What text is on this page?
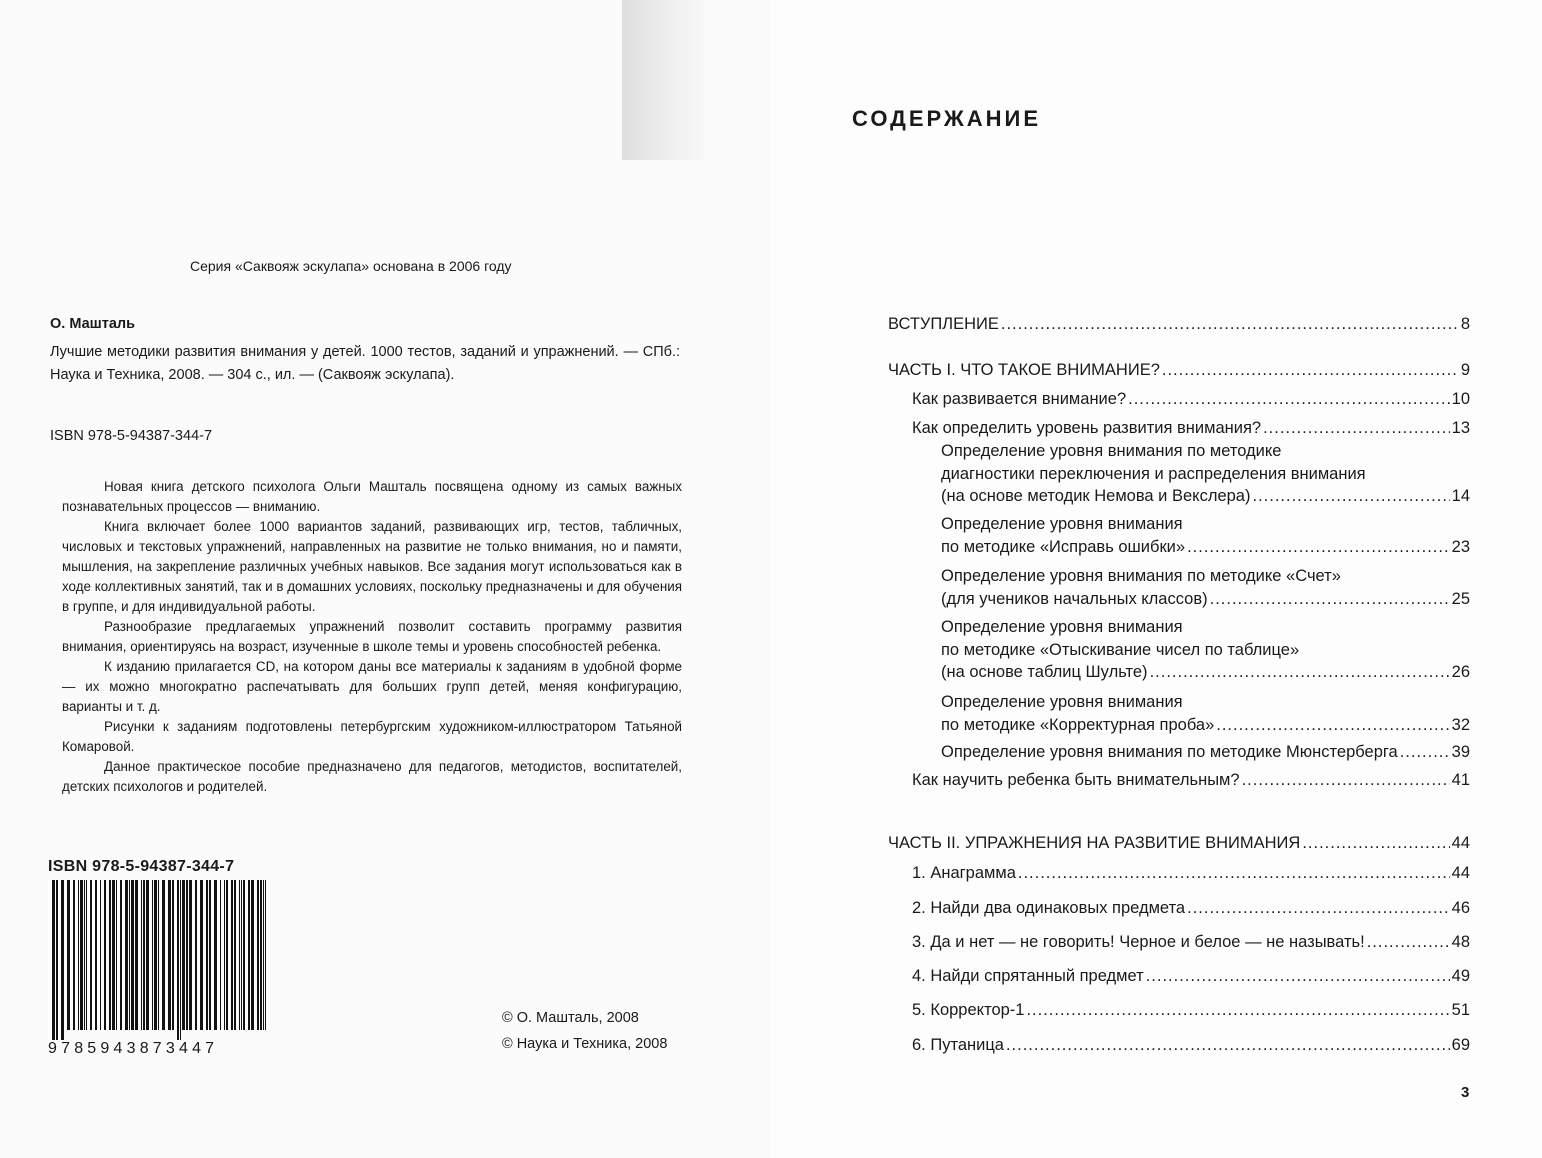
Серия «Саквояж эскулапа» основана в 2006 году
О. Машталь
Лучшие методики развития внимания у детей. 1000 тестов, заданий и упражнений. — СПб.: Наука и Техника, 2008. — 304 с., ил. — (Саквояж эскулапа).
ISBN 978-5-94387-344-7

Новая книга детского психолога Ольги Машталь посвящена одному из самых важных познавательных процессов — вниманию.

Книга включает более 1000 вариантов заданий, развивающих игр, тестов, табличных, числовых и текстовых упражнений, направленных на развитие не только внимания, но и памяти, мышления, на закрепление различных учебных навыков. Все задания могут использоваться как в ходе коллективных занятий, так и в домашних условиях, поскольку предназначены и для обучения в группе, и для индивидуальной работы.

Разнообразие предлагаемых упражнений позволит составить программу развития внимания, ориентируясь на возраст, изученные в школе темы и уровень способностей ребенка.

К изданию прилагается CD, на котором даны все материалы к заданиям в удобной форме — их можно многократно распечатывать для больших групп детей, меняя конфигурацию, варианты и т. д.

Рисунки к заданиям подготовлены петербургским художником-иллюстратором Татьяной Комаровой.

Данное практическое пособие предназначено для педагогов, методистов, воспитателей, детских психологов и родителей.

ISBN 978-5-94387-344-7
9785943873447
© О. Машталь, 2008
© Наука и Техника, 2008
СОДЕРЖАНИЕ
ВСТУПЛЕНИЕ .....	8
ЧАСТЬ I. ЧТО ТАКОЕ ВНИМАНИЕ? .....	9
Как развивается внимание? .....	10
Как определить уровень развития внимания? .....	13
Определение уровня внимания по методике
диагностики переключения и распределения внимания
(на основе методик Немова и Векслера) .....	14
Определение уровня внимания
по методике «Исправь ошибки» .....	23
Определение уровня внимания по методике «Счет»
(для учеников начальных классов) .....	25
Определение уровня внимания
по методике «Отыскивание чисел по таблице»
(на основе таблиц Шульте) .....	26
Определение уровня внимания
по методике «Корректурная проба» .....	32
Определение уровня внимания по методике Мюнстерберга .....	39
Как научить ребенка быть внимательным? .....	41
ЧАСТЬ II. УПРАЖНЕНИЯ НА РАЗВИТИЕ ВНИМАНИЯ .....	44
1. Анаграмма .....	44
2. Найди два одинаковых предмета .....	46
3. Да и нет — не говорить! Черное и белое — не называть! .....	48
4. Найди спрятанный предмет .....	49
5. Корректор-1 .....	51
6. Путаница .....	69
3
